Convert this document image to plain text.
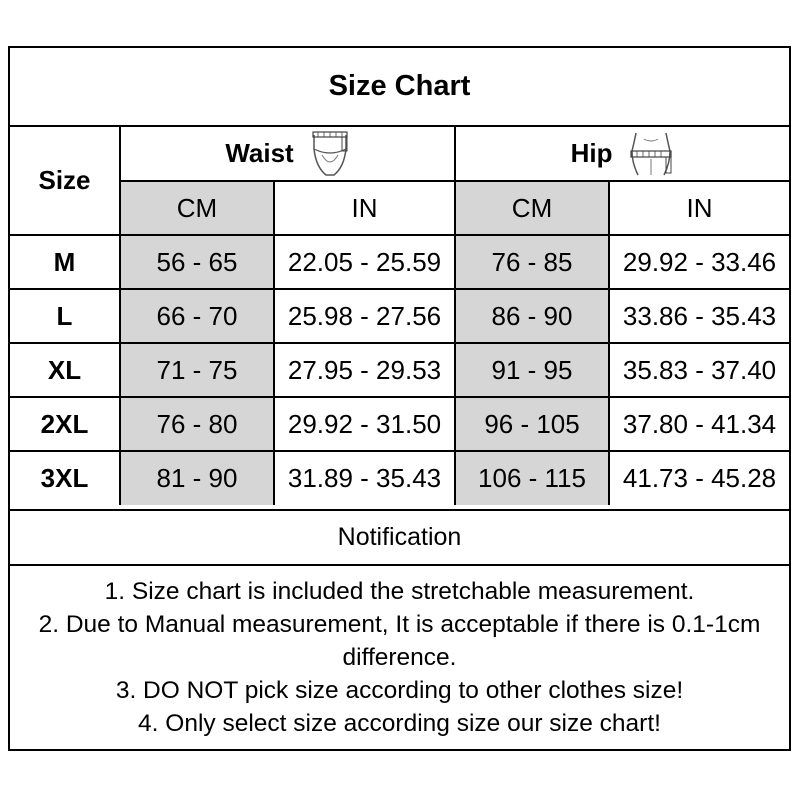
Size Chart
Size	Waist		Hip	

	CM	IN	CM	IN
M	56 - 65	22.05 - 25.59	76 - 85	29.92 - 33.46
L	66 - 70	25.98 - 27.56	86 - 90	33.86 - 35.43
XL	71 - 75	27.95 - 29.53	91 - 95	35.83 - 37.40
2XL	76 - 80	29.92 - 31.50	96 - 105	37.80 - 41.34
3XL	81 - 90	31.89 - 35.43	106 - 115	41.73 - 45.28
Notification
1. Size chart is included the stretchable measurement.
2. Due to Manual measurement, It is acceptable if there is 0.1-1cm difference.
3. DO NOT pick size according to other clothes size!
4. Only select size according size our size chart!
